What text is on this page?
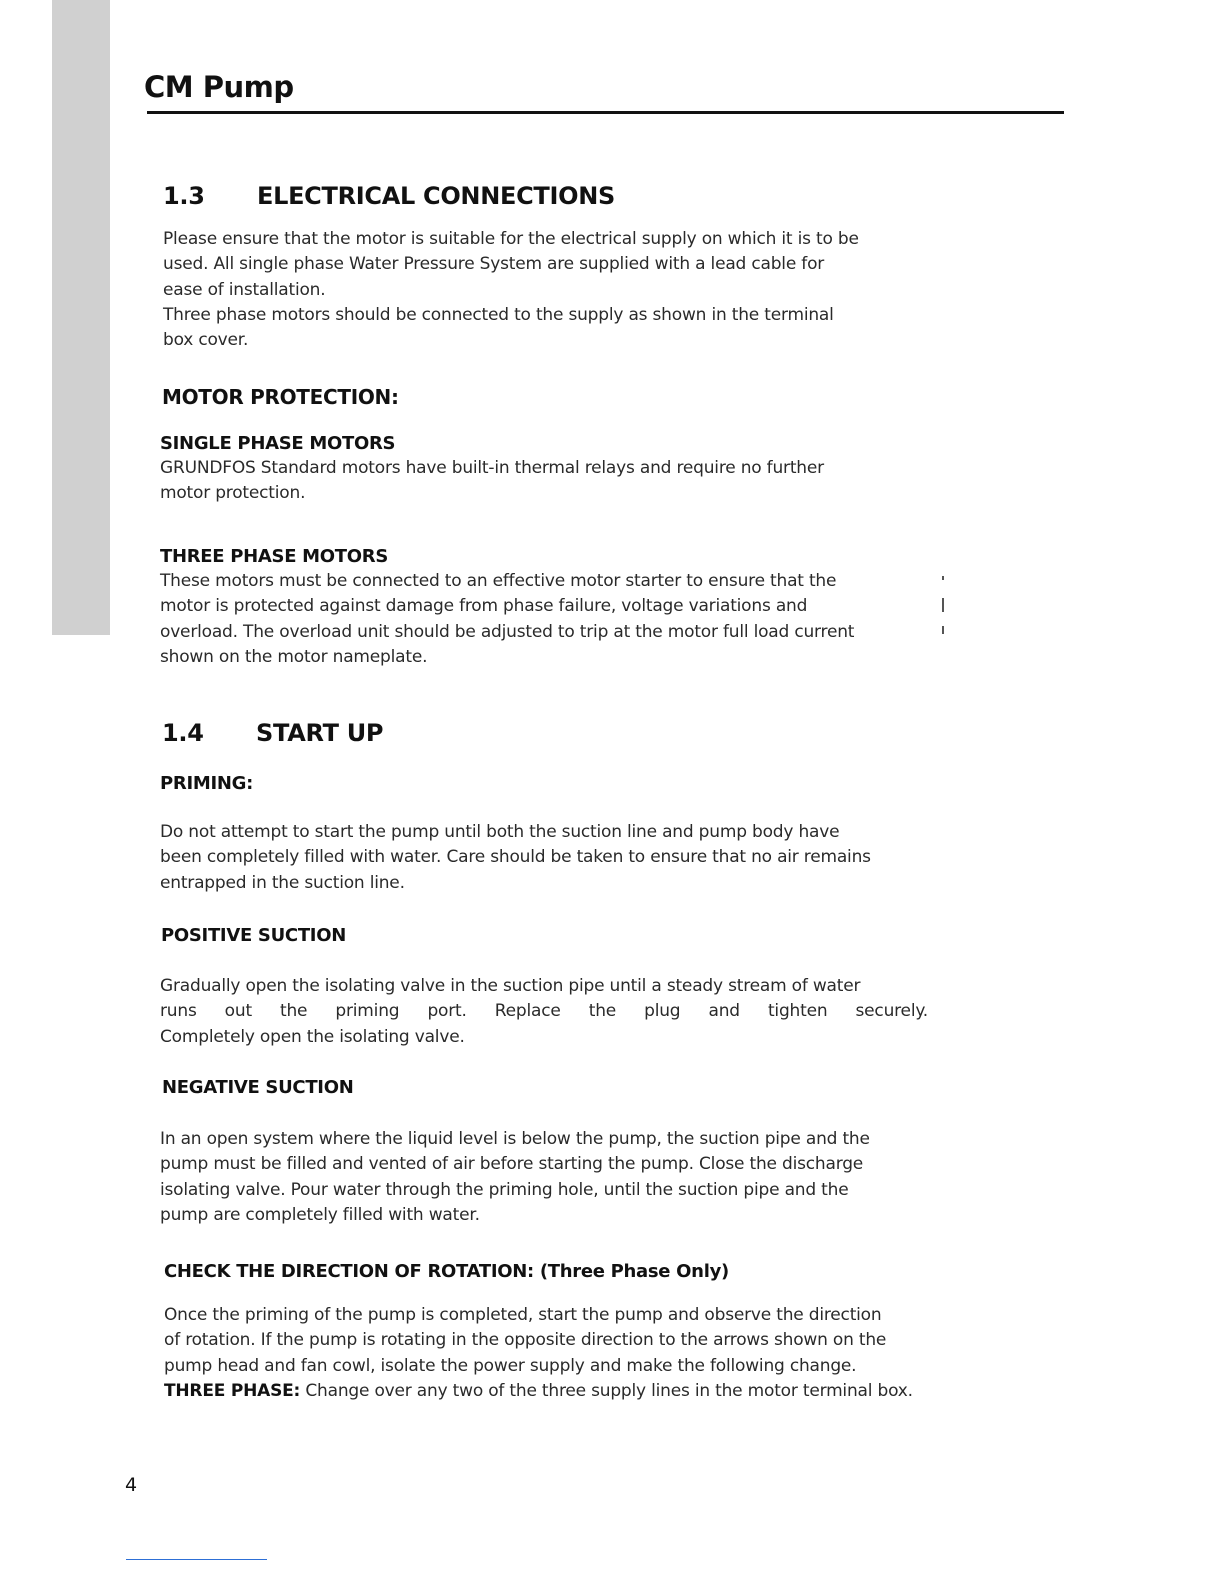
CM Pump
1.3 ELECTRICAL CONNECTIONS
Please ensure that the motor is suitable for the electrical supply on which it is to be
used. All single phase Water Pressure System are supplied with a lead cable for
ease of installation.
Three phase motors should be connected to the supply as shown in the terminal
box cover.
MOTOR PROTECTION:
SINGLE PHASE MOTORS
GRUNDFOS Standard motors have built-in thermal relays and require no further
motor protection.
THREE PHASE MOTORS
These motors must be connected to an effective motor starter to ensure that the
motor is protected against damage from phase failure, voltage variations and
overload. The overload unit should be adjusted to trip at the motor full load current
shown on the motor nameplate.
1.4 START UP
PRIMING:
Do not attempt to start the pump until both the suction line and pump body have
been completely filled with water. Care should be taken to ensure that no air remains
entrapped in the suction line.
POSITIVE SUCTION
Gradually open the isolating valve in the suction pipe until a steady stream of water
runs out the priming port. Replace the plug and tighten securely.
Completely open the isolating valve.
NEGATIVE SUCTION
In an open system where the liquid level is below the pump, the suction pipe and the
pump must be filled and vented of air before starting the pump. Close the discharge
isolating valve. Pour water through the priming hole, until the suction pipe and the
pump are completely filled with water.
CHECK THE DIRECTION OF ROTATION: (Three Phase Only)
Once the priming of the pump is completed, start the pump and observe the direction
of rotation. If the pump is rotating in the opposite direction to the arrows shown on the
pump head and fan cowl, isolate the power supply and make the following change.
THREE PHASE: Change over any two of the three supply lines in the motor terminal box.
4
